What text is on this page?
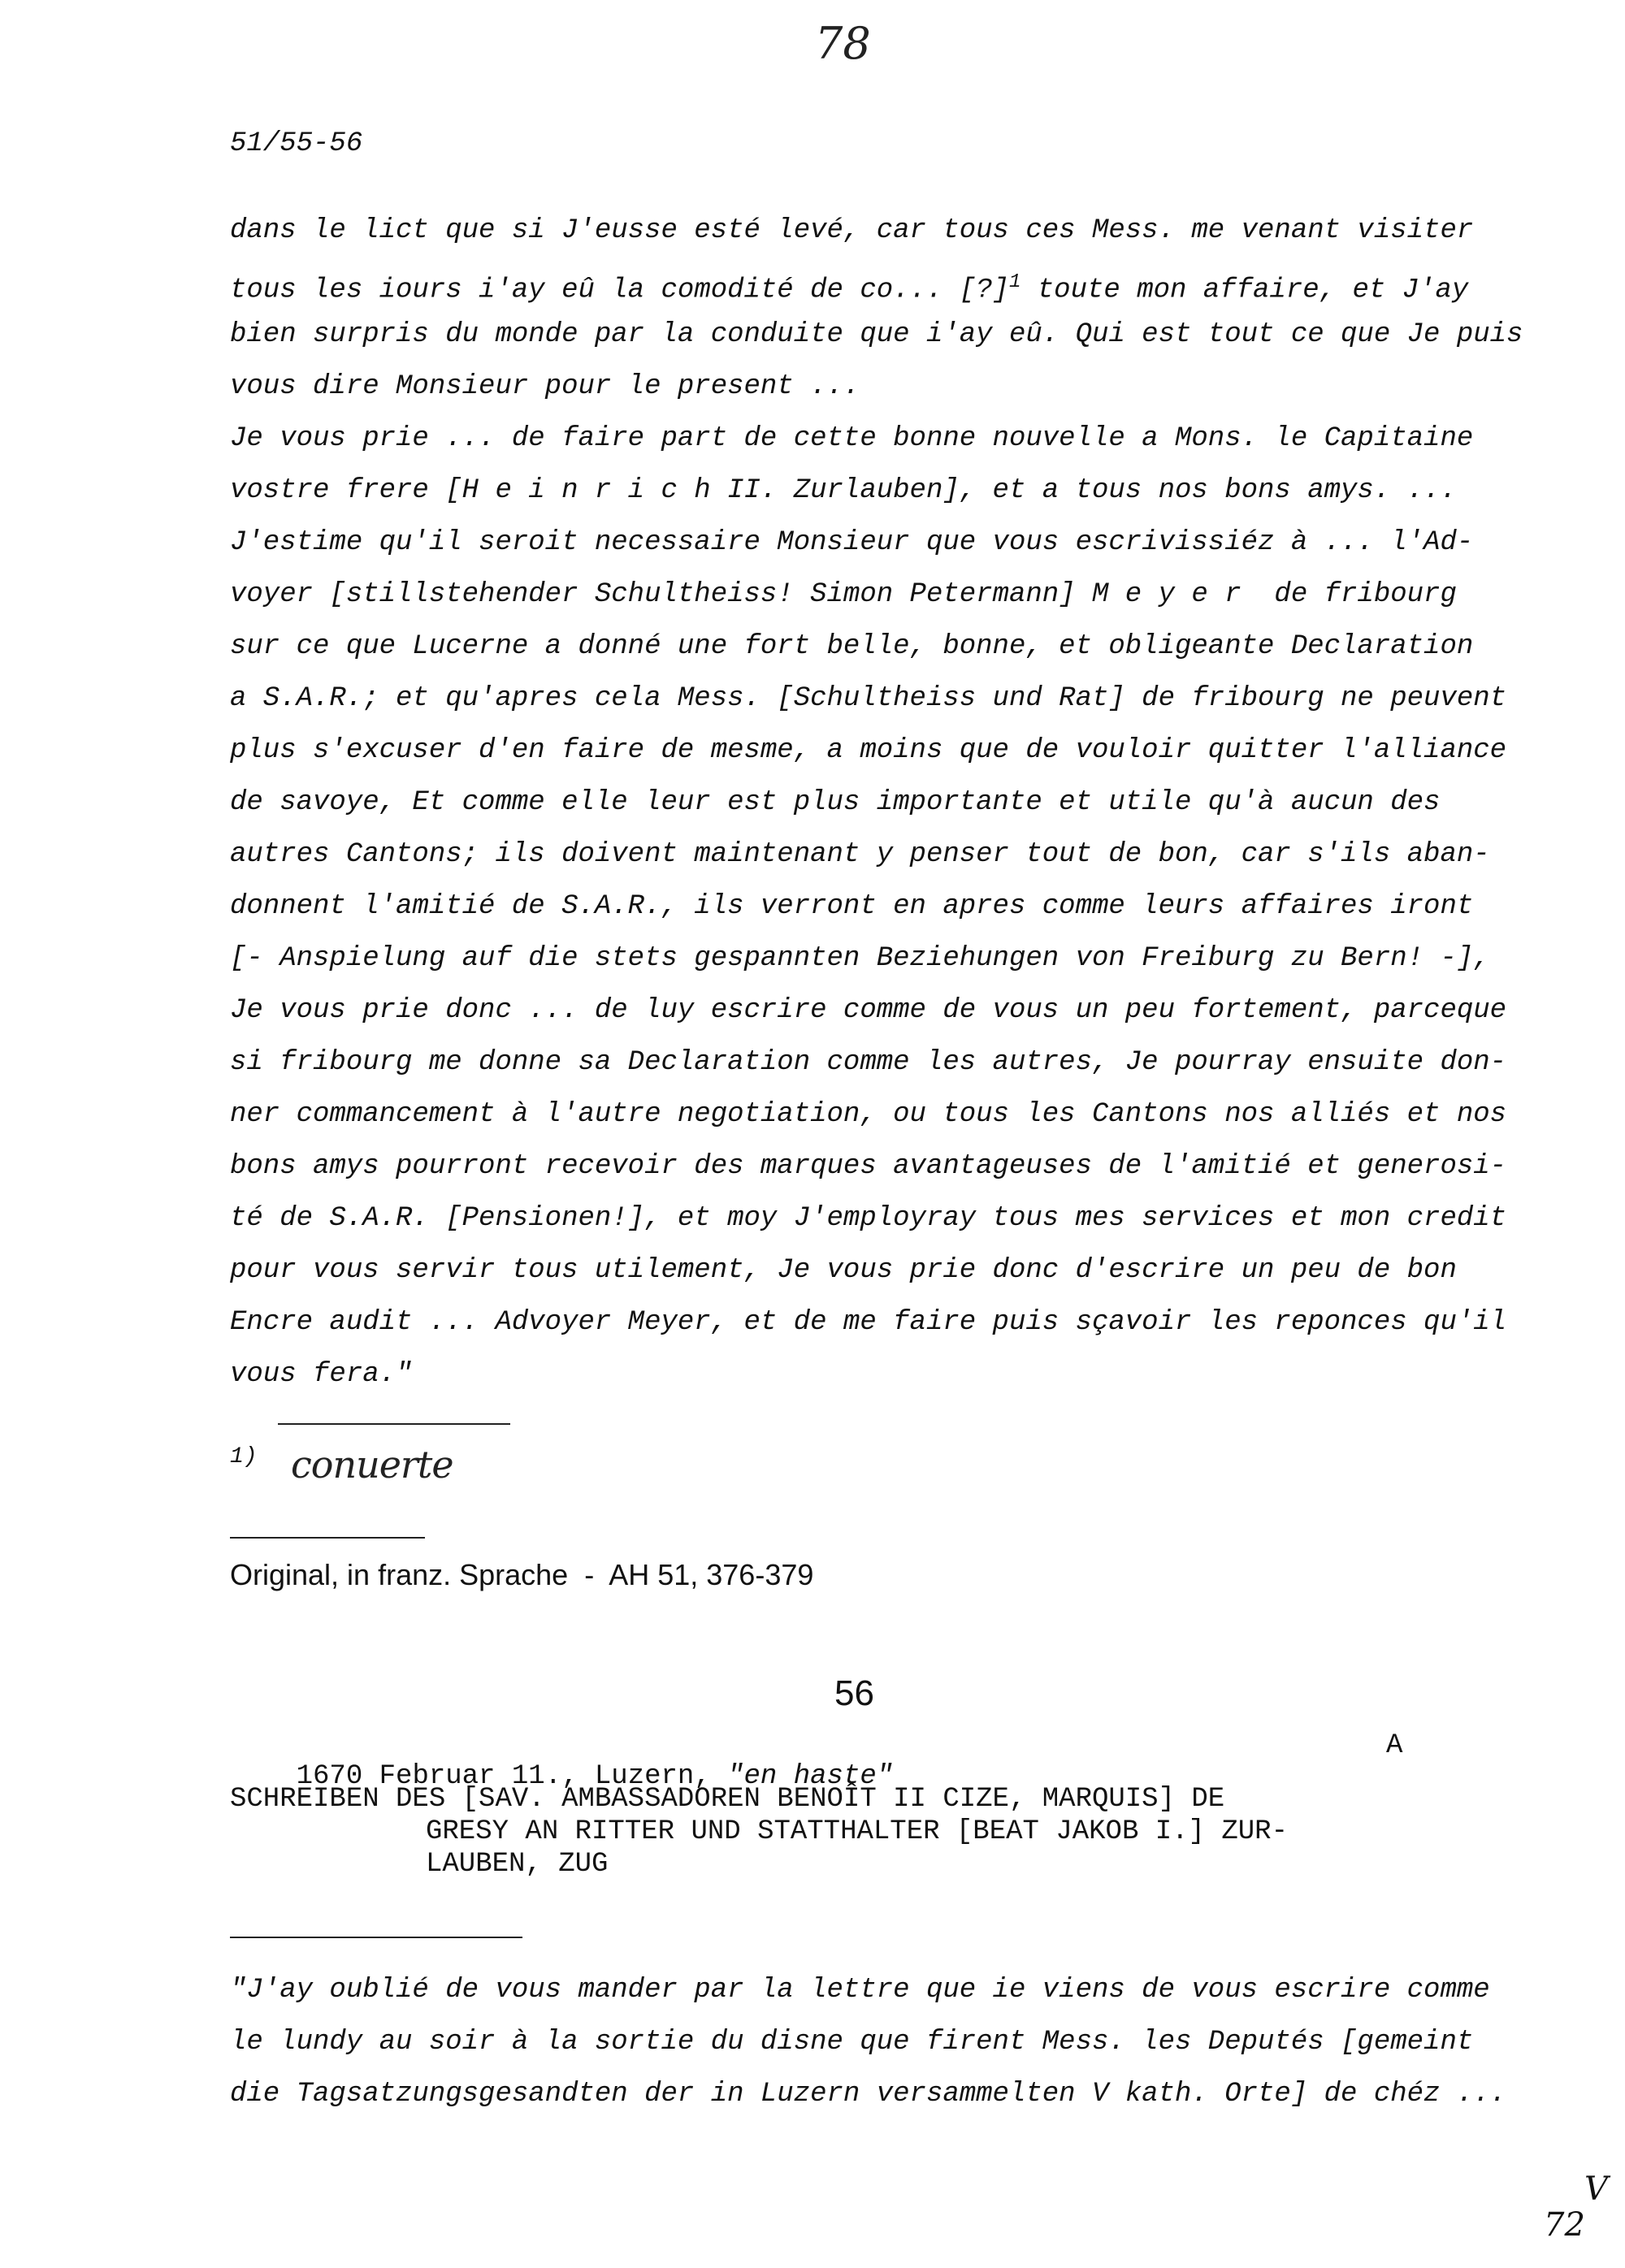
78
51/55-56
dans le lict que si J'eusse esté levé, car tous ces Mess. me venant visiter
tous les iours i'ay eû la comodité de co... [?]$^1$ toute mon affaire, et J'ay
bien surpris du monde par la conduite que i'ay eû. Qui est tout ce que Je puis
vous dire Monsieur pour le present ...
Je vous prie ... de faire part de cette bonne nouvelle a Mons. le Capitaine
vostre frere [H e i n r i c h II. Zurlauben], et a tous nos bons amys. ...
J'estime qu'il seroit necessaire Monsieur que vous escrivissiéz à ... l'Ad-
voyer [stillstehender Schultheiss! Simon Petermann] M e y e r  de fribourg
sur ce que Lucerne a donné une fort belle, bonne, et obligeante Declaration
a S.A.R.; et qu'apres cela Mess. [Schultheiss und Rat] de fribourg ne peuvent
plus s'excuser d'en faire de mesme, a moins que de vouloir quitter l'alliance
de savoye, Et comme elle leur est plus importante et utile qu'à aucun des
autres Cantons; ils doivent maintenant y penser tout de bon, car s'ils aban-
donnent l'amitié de S.A.R., ils verront en apres comme leurs affaires iront
[- Anspielung auf die stets gespannten Beziehungen von Freiburg zu Bern! -],
Je vous prie donc ... de luy escrire comme de vous un peu fortement, parceque
si fribourg me donne sa Declaration comme les autres, Je pourray ensuite don-
ner commancement à l'autre negotiation, ou tous les Cantons nos alliés et nos
bons amys pourront recevoir des marques avantageuses de l'amitié et generosi-
té de S.A.R. [Pensionen!], et moy J'employray tous mes services et mon credit
pour vous servir tous utilement, Je vous prie donc d'escrire un peu de bon
Encre audit ... Advoyer Meyer, et de me faire puis sçavoir les reponces qu'il
vous fera."
1) conuerte
Original, in franz. Sprache  -  AH 51, 376-379
56

1670 Februar 11., Luzern, "en haste"

A
SCHREIBEN DES [SAV. AMBASSADOREN BENOÎT II CIZE, MARQUIS] DE
GRESY AN RITTER UND STATTHALTER [BEAT JAKOB I.] ZUR-
LAUBEN, ZUG
"J'ay oublié de vous mander par la lettre que ie viens de vous escrire comme
le lundy au soir à la sortie du disne que firent Mess. les Deputés [gemeint
die Tagsatzungsgesandten der in Luzern versammelten V kath. Orte] de chéz ...
V
72
